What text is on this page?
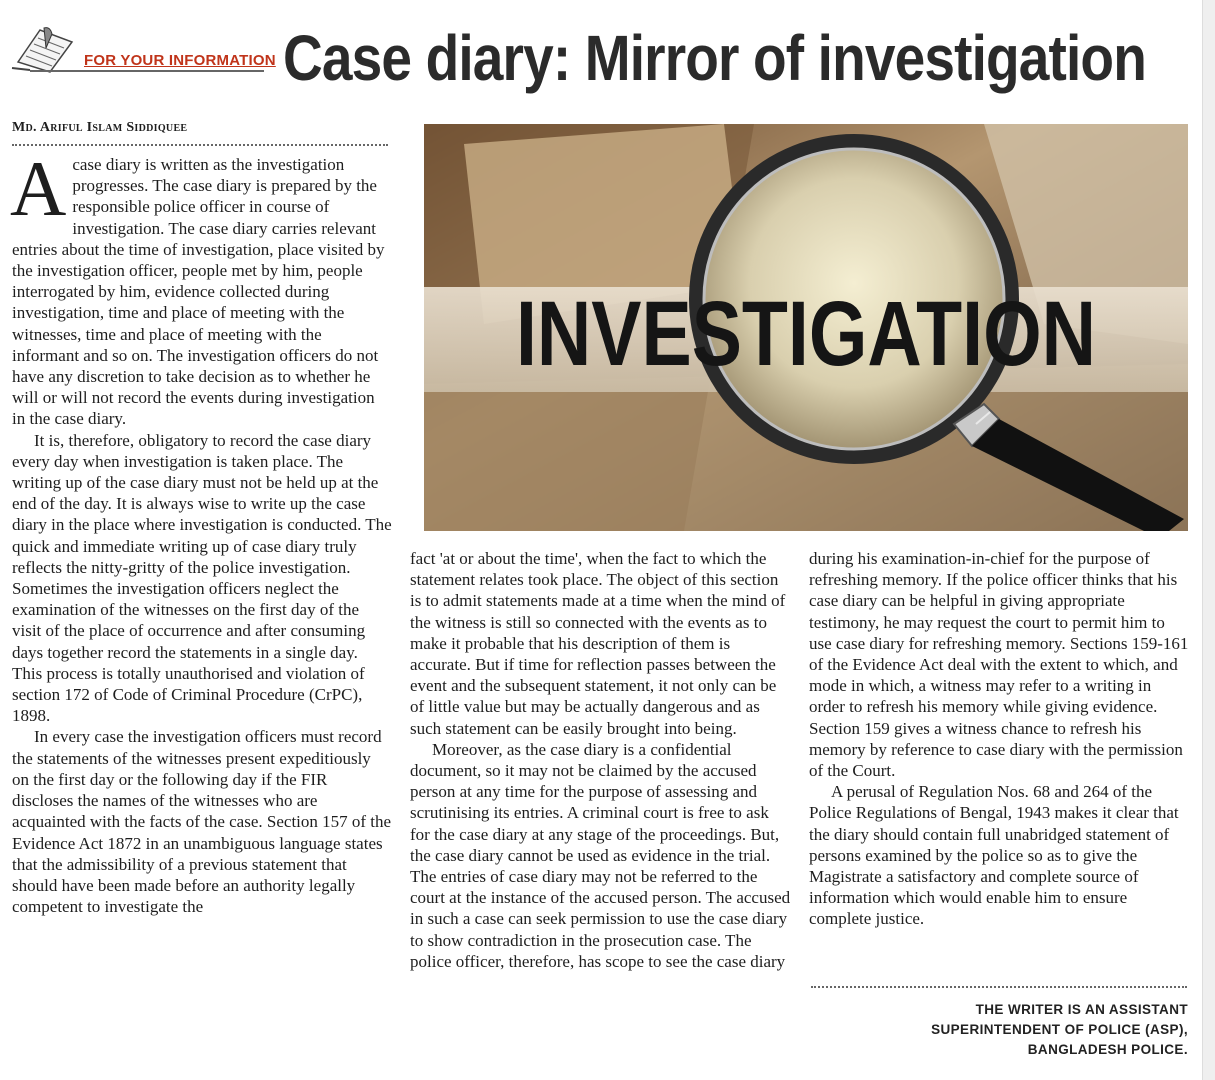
FOR YOUR INFORMATION Case diary: Mirror of investigation
Md. Ariful Islam Siddiquee
INVESTIGATION

Acase diary is written as the investigation progresses. The case diary is prepared by the responsible police officer in course of investigation. The case diary carries relevant entries about the time of investigation, place visited by the investigation officer, people met by him, people interrogated by him, evidence collected during investigation, time and place of meeting with the witnesses, time and place of meeting with the informant and so on. The investigation officers do not have any discretion to take decision as to whether he will or will not record the events during investigation in the case diary.

It is, therefore, obligatory to record the case diary every day when investigation is taken place. The writing up of the case diary must not be held up at the end of the day. It is always wise to write up the case diary in the place where investigation is conducted. The quick and immediate writing up of case diary truly reflects the nitty-gritty of the police investigation. Sometimes the investigation officers neglect the examination of the witnesses on the first day of the visit of the place of occurrence and after consuming days together record the statements in a single day. This process is totally unauthorised and violation of section 172 of Code of Criminal Procedure (CrPC), 1898.

In every case the investigation officers must record the statements of the witnesses present expeditiously on the first day or the following day if the FIR discloses the names of the witnesses who are acquainted with the facts of the case. Section 157 of the Evidence Act 1872 in an unambiguous language states that the admissibility of a previous statement that should have been made before an authority legally competent to investigate the

fact 'at or about the time', when the fact to which the statement relates took place. The object of this section is to admit statements made at a time when the mind of the witness is still so connected with the events as to make it probable that his description of them is accurate. But if time for reflection passes between the event and the subsequent statement, it not only can be of little value but may be actually dangerous and as such statement can be easily brought into being.

Moreover, as the case diary is a confidential document, so it may not be claimed by the accused person at any time for the purpose of assessing and scrutinising its entries. A criminal court is free to ask for the case diary at any stage of the proceedings. But, the case diary cannot be used as evidence in the trial. The entries of case diary may not be referred to the court at the instance of the accused person. The accused in such a case can seek permission to use the case diary to show contradiction in the prosecution case. The police officer, therefore, has scope to see the case diary

during his examination-in-chief for the purpose of refreshing memory. If the police officer thinks that his case diary can be helpful in giving appropriate testimony, he may request the court to permit him to use case diary for refreshing memory. Sections 159-161 of the Evidence Act deal with the extent to which, and mode in which, a witness may refer to a writing in order to refresh his memory while giving evidence. Section 159 gives a witness chance to refresh his memory by reference to case diary with the permission of the Court.

A perusal of Regulation Nos. 68 and 264 of the Police Regulations of Bengal, 1943 makes it clear that the diary should contain full unabridged statement of persons examined by the police so as to give the Magistrate a satisfactory and complete source of information which would enable him to ensure complete justice.

THE WRITER IS AN ASSISTANT
SUPERINTENDENT OF POLICE (ASP),
BANGLADESH POLICE.
